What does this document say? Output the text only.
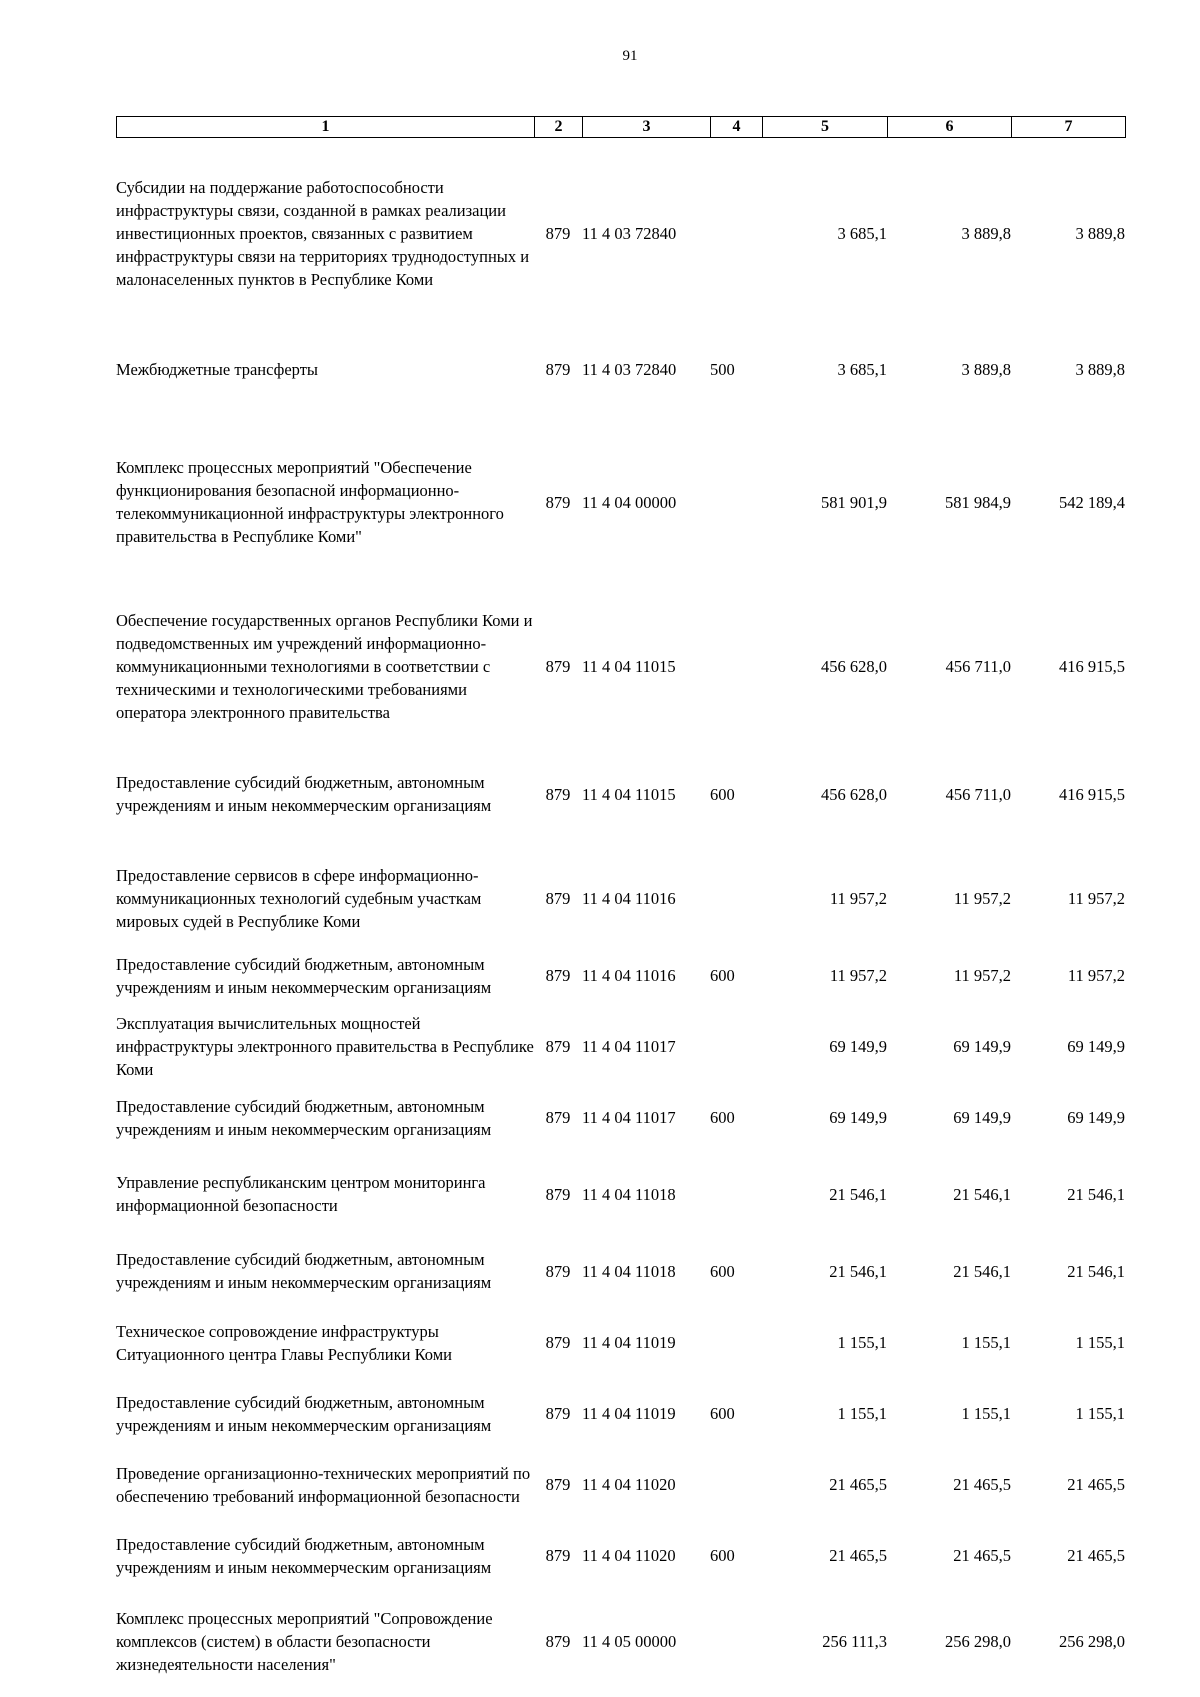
91
1	2	3	4	5	6	7
Субсидии на поддержание работоспособности инфраструктуры связи, созданной в рамках реализации инвестиционных проектов, связанных с развитием инфраструктуры связи на территориях труднодоступных и малонаселенных пунктов в Республике Коми	879	11 4 03 72840		3 685,1	3 889,8	3 889,8

Межбюджетные трансферты	879	11 4 03 72840	500	3 685,1	3 889,8	3 889,8

Комплекс процессных мероприятий "Обеспечение функционирования безопасной информационно-телекоммуникационной инфраструктуры электронного правительства в Республике Коми"	879	11 4 04 00000		581 901,9	581 984,9	542 189,4

Обеспечение государственных органов Республики Коми и подведомственных им учреждений информационно-коммуникационными технологиями в соответствии с техническими и технологическими требованиями оператора электронного правительства	879	11 4 04 11015		456 628,0	456 711,0	416 915,5
Предоставление субсидий бюджетным, автономным учреждениям и иным некоммерческим организациям	879	11 4 04 11015	600	456 628,0	456 711,0	416 915,5

Предоставление сервисов в сфере информационно-коммуникационных технологий судебным участкам мировых судей в Республике Коми	879	11 4 04 11016		11 957,2	11 957,2	11 957,2
Предоставление субсидий бюджетным, автономным учреждениям и иным некоммерческим организациям	879	11 4 04 11016	600	11 957,2	11 957,2	11 957,2
Эксплуатация вычислительных мощностей инфраструктуры электронного правительства в Республике Коми	879	11 4 04 11017		69 149,9	69 149,9	69 149,9
Предоставление субсидий бюджетным, автономным учреждениям и иным некоммерческим организациям	879	11 4 04 11017	600	69 149,9	69 149,9	69 149,9
Управление республиканским центром мониторинга информационной безопасности	879	11 4 04 11018		21 546,1	21 546,1	21 546,1
Предоставление субсидий бюджетным, автономным учреждениям и иным некоммерческим организациям	879	11 4 04 11018	600	21 546,1	21 546,1	21 546,1
Техническое сопровождение инфраструктуры Ситуационного центра Главы Республики Коми	879	11 4 04 11019		1 155,1	1 155,1	1 155,1
Предоставление субсидий бюджетным, автономным учреждениям и иным некоммерческим организациям	879	11 4 04 11019	600	1 155,1	1 155,1	1 155,1
Проведение организационно-технических мероприятий по обеспечению требований информационной безопасности	879	11 4 04 11020		21 465,5	21 465,5	21 465,5
Предоставление субсидий бюджетным, автономным учреждениям и иным некоммерческим организациям	879	11 4 04 11020	600	21 465,5	21 465,5	21 465,5
Комплекс процессных мероприятий "Сопровождение комплексов (систем) в области безопасности жизнедеятельности населения"	879	11 4 05 00000		256 111,3	256 298,0	256 298,0
